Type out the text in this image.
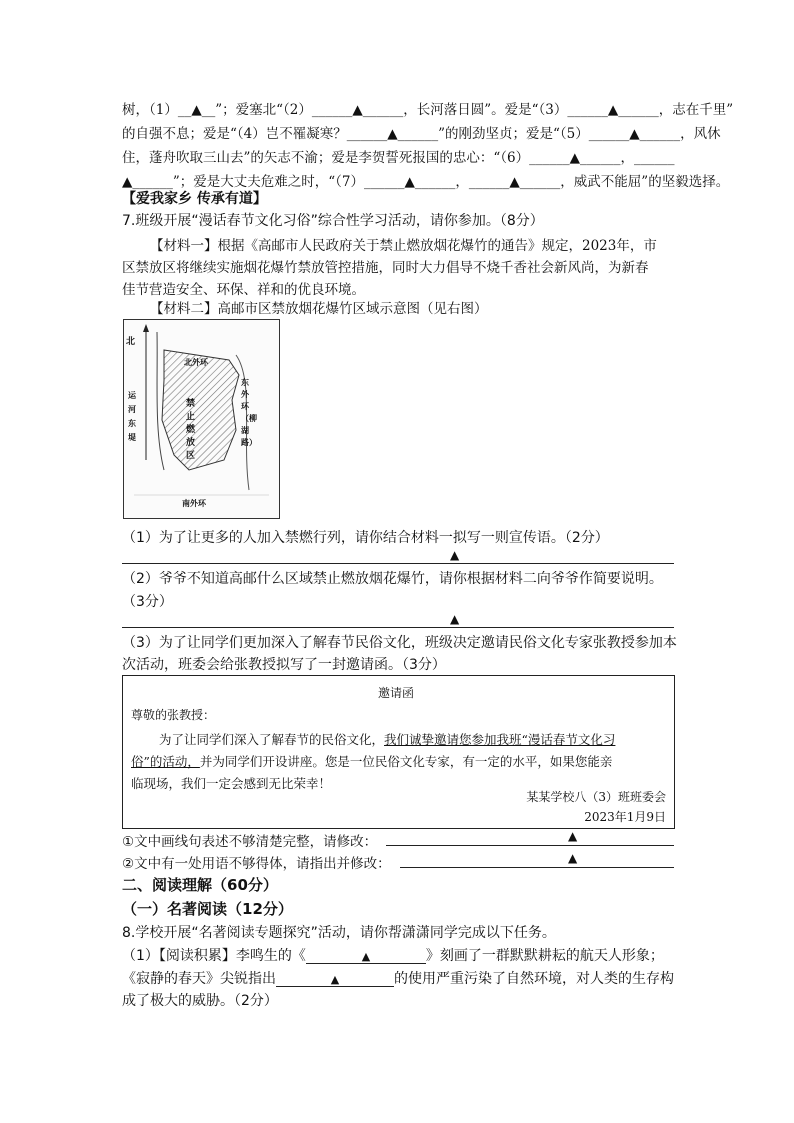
树，（1）__▲__”；爱塞北“（2）______▲______，长河落日圆”。爱是“（3）______▲______，志在千里”
的自强不息；爱是“（4）岂不罹凝寒？______▲______”的刚劲坚贞；爱是“（5）______▲______，风休
住，蓬舟吹取三山去”的矢志不渝；爱是李贺誓死报国的忠心：“（6）______▲______，______
▲______”；爱是大丈夫危难之时，“（7）______▲______，______▲______，威武不能屈”的坚毅选择。
【爱我家乡 传承有道】
7.班级开展“漫话春节文化习俗”综合性学习活动，请你参加。（8分）
【材料一】根据《高邮市人民政府关于禁止燃放烟花爆竹的通告》规定，2023年，市
区禁放区将继续实施烟花爆竹禁放管控措施，同时大力倡导不烧千香社会新风尚，为新春
佳节营造安全、环保、祥和的优良环境。
【材料二】高邮市区禁放烟花爆竹区域示意图（见右图）
北
北外环
运河东堤
禁止燃放区
东外环（柳湖路）
南外环
（1）为了让更多的人加入禁燃行列，请你结合材料一拟写一则宣传语。（2分）
▲
（2）爷爷不知道高邮什么区域禁止燃放烟花爆竹，请你根据材料二向爷爷作简要说明。
（3分）
▲
（3）为了让同学们更加深入了解春节民俗文化，班级决定邀请民俗文化专家张教授参加本
次活动，班委会给张教授拟写了一封邀请函。（3分）
邀请函
尊敬的张教授：
为了让同学们深入了解春节的民俗文化，我们诚挚邀请您参加我班“漫话春节文化习
俗”的活动，并为同学们开设讲座。您是一位民俗文化专家，有一定的水平，如果您能亲
临现场，我们一定会感到无比荣幸！
某某学校八（3）班班委会
2023年1月9日
①文中画线句表述不够清楚完整，请修改：	▲
②文中有一处用语不够得体，请指出并修改：	▲
二、阅读理解（60分）
（一）名著阅读（12分）
8.学校开展“名著阅读专题探究”活动，请你帮潇潇同学完成以下任务。
（1）【阅读积累】李鸣生的《	▲	》刻画了一群默默耕耘的航天人形象；
《寂静的春天》尖锐指出	▲	的使用严重污染了自然环境，对人类的生存构
成了极大的威胁。（2分）
